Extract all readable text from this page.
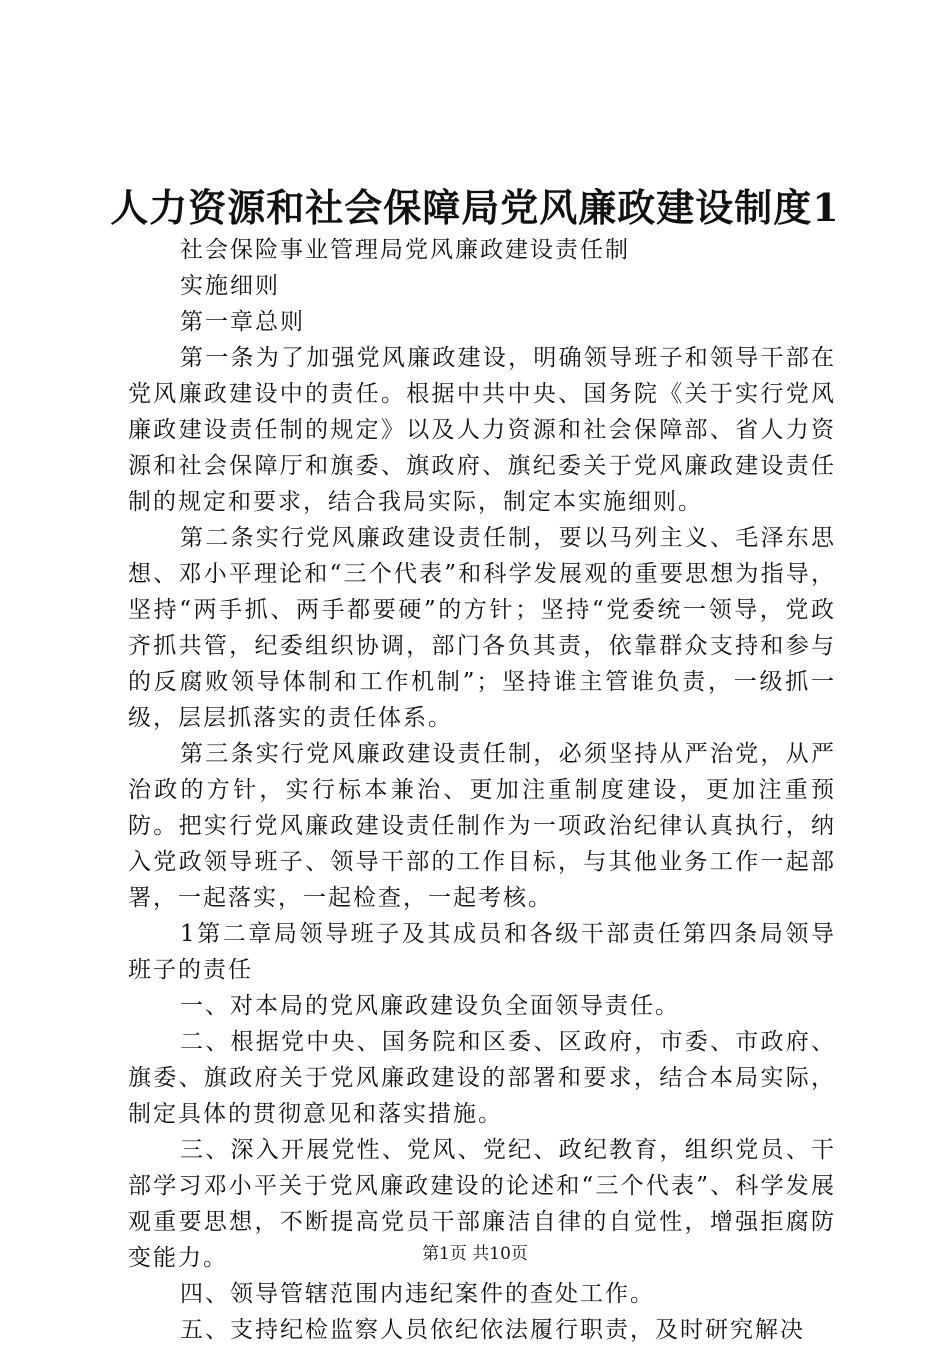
人力资源和社会保障局党风廉政建设制度1

社会保险事业管理局党风廉政建设责任制

实施细则

第一章总则

第一条为了加强党风廉政建设，明确领导班子和领导干部在党风廉政建设中的责任。根据中共中央、国务院《关于实行党风廉政建设责任制的规定》以及人力资源和社会保障部、省人力资源和社会保障厅和旗委、旗政府、旗纪委关于党风廉政建设责任制的规定和要求，结合我局实际，制定本实施细则。

第二条实行党风廉政建设责任制，要以马列主义、毛泽东思想、邓小平理论和“三个代表”和科学发展观的重要思想为指导，坚持“两手抓、两手都要硬”的方针；坚持“党委统一领导，党政齐抓共管，纪委组织协调，部门各负其责，依靠群众支持和参与的反腐败领导体制和工作机制”；坚持谁主管谁负责，一级抓一级，层层抓落实的责任体系。

第三条实行党风廉政建设责任制，必须坚持从严治党，从严治政的方针，实行标本兼治、更加注重制度建设，更加注重预防。把实行党风廉政建设责任制作为一项政治纪律认真执行，纳入党政领导班子、领导干部的工作目标，与其他业务工作一起部署，一起落实，一起检查，一起考核。

1第二章局领导班子及其成员和各级干部责任第四条局领导班子的责任

一、对本局的党风廉政建设负全面领导责任。

二、根据党中央、国务院和区委、区政府，市委、市政府、旗委、旗政府关于党风廉政建设的部署和要求，结合本局实际，制定具体的贯彻意见和落实措施。

三、深入开展党性、党风、党纪、政纪教育，组织党员、干部学习邓小平关于党风廉政建设的论述和“三个代表”、科学发展观重要思想，不断提高党员干部廉洁自律的自觉性，增强拒腐防变能力。

四、领导管辖范围内违纪案件的查处工作。

五、支持纪检监察人员依纪依法履行职责，及时研究解决

第1页 共10页
